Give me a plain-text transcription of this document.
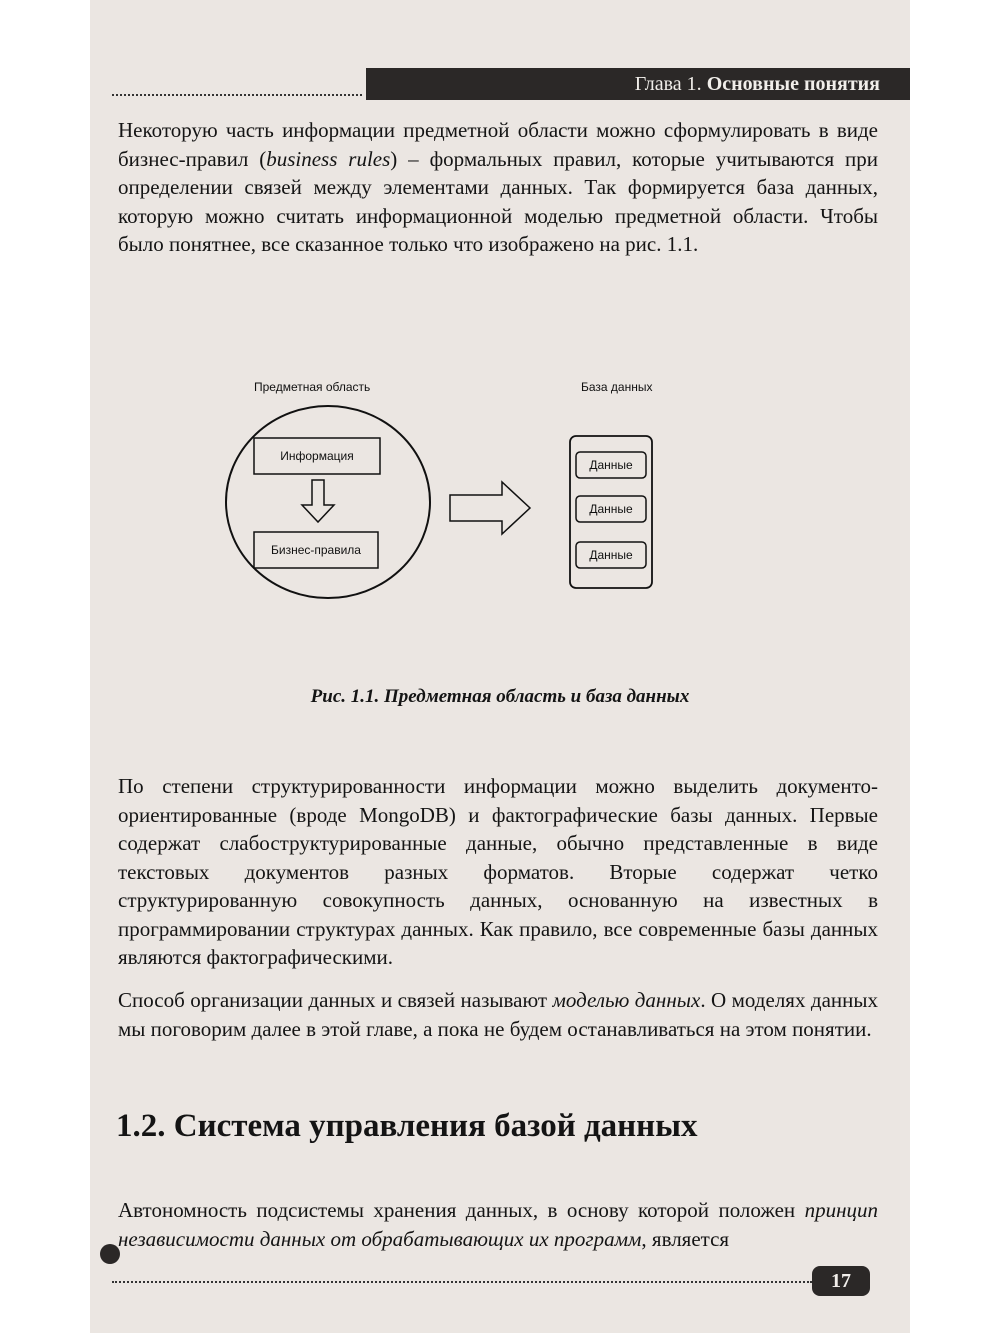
Глава 1. Основные понятия

Некоторую часть информации предметной области можно сформулировать в виде бизнес-правил (business rules) – формальных правил, которые учитываются при определении связей между элементами данных. Так формируется база данных, которую можно считать информационной моделью предметной области. Чтобы было понятнее, все сказанное только что изображено на рис. 1.1.

Предметная область	База данных
Информация
Бизнес-правила
Данные
Данные
Данные
Рис. 1.1. Предметная область и база данных

По степени структурированности информации можно выделить документо-ориентированные (вроде MongoDB) и фактографические базы данных. Первые содержат слабоструктурированные данные, обычно представленные в виде текстовых документов разных форматов. Вторые содержат четко структурированную совокупность данных, основанную на известных в программировании структурах данных. Как правило, все современные базы данных являются фактографическими.

Способ организации данных и связей называют моделью данных. О моделях данных мы поговорим далее в этой главе, а пока не будем останавливаться на этом понятии.

1.2. Система управления базой данных

Автономность подсистемы хранения данных, в основу которой положен принцип независимости данных от обрабатывающих их программ, является

17
